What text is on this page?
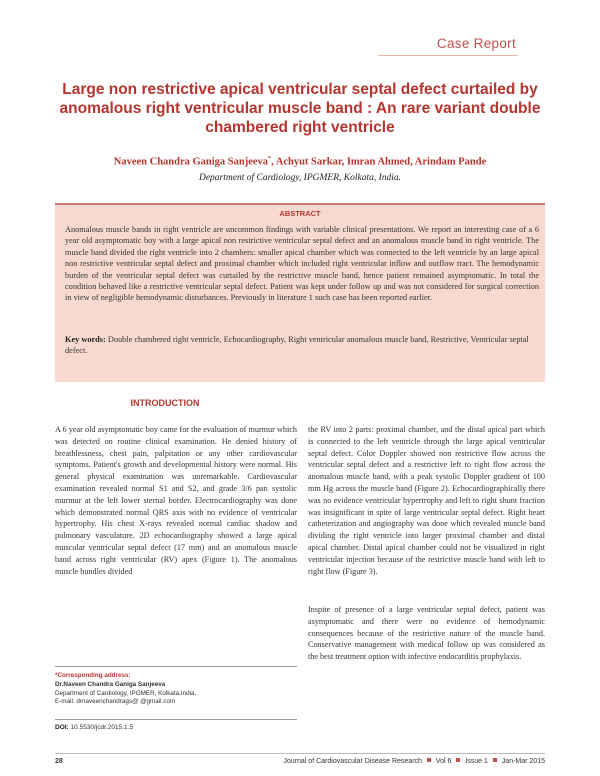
Case Report
Large non restrictive apical ventricular septal defect curtailed by anomalous right ventricular muscle band : An rare variant double chambered right ventricle
Naveen Chandra Ganiga Sanjeeva*, Achyut Sarkar, Imran Ahmed, Arindam Pande
Department of Cardiology, IPGMER, Kolkata, India.
ABSTRACT

Anomalous muscle bands in right ventricle are uncommon findings with variable clinical presentations. We report an interesting case of a 6 year old asymptomatic boy with a large apical non restrictive ventricular septal defect and an anomalous muscle band in right ventricle. The muscle band divided the right ventricle into 2 chambers: smaller apical chamber which was connected to the left ventricle by an large apical non restrictive ventricular septal defect and proximal chamber which included right ventricular inflow and outflow tract. The hemodynamic burden of the ventricular septal defect was curtailed by the restrictive muscle band, hence patient remained asymptomatic. In total the condition behaved like a restrictive ventricular septal defect. Patient was kept under follow up and was not considered for surgical correction in view of negligible hemodynamic disturbances. Previously in literature 1 such case has been reported earlier.

Key words: Double chambered right ventricle, Echocardiography, Right ventricular anomalous muscle band, Restrictive, Ventricular septal defect.

INTRODUCTION

A 6 year old asymptomatic boy came for the evaluation of murmur which was detected on routine clinical examination. He denied history of breathlessness, chest pain, palpitation or any other cardiovascular symptoms. Patient's growth and developmental history were normal. His general physical examination was unremarkable. Cardiovascular examination revealed normal S1 and S2, and grade 3/6 pan systolic murmur at the left lower sternal border. Electrocardiography was done which demonstrated normal QRS axis with no evidence of ventricular hypertrophy. His chest X-rays revealed normal cardiac shadow and pulmonary vasculature. 2D echocardiography showed a large apical muscular ventricular septal defect (17 mm) and an anomalous muscle band across right ventricular (RV) apex (Figure 1). The anomalous muscle bundles divided

the RV into 2 parts: proximal chamber, and the distal apical part which is connected to the left ventricle through the large apical ventricular septal defect. Color Doppler showed non restrictive flow across the ventricular septal defect and a restrictive left to right flow across the anomalous muscle band, with a peak systolic Doppler gradient of 100 mm Hg across the muscle band (Figure 2). Echocardiographically there was no evidence ventricular hypertrophy and left to right shunt fraction was insignificant in spite of large ventricular septal defect. Right heart catheterization and angiography was done which revealed muscle band dividing the right ventricle into larger proximal chamber and distal apical chamber. Distal apical chamber could not be visualized in right ventricular injection because of the restrictive muscle band with left to right flow (Figure 3).

Inspite of presence of a large ventricular septal defect, patient was asymptomatic and there were no evidence of hemodynamic consequences because of the restrictive nature of the muscle band. Conservative management with medical follow up was considered as the best treatment option with infective endocarditis prophylaxis.

*Corresponding address:
Dr.Naveen Chandra Ganiga Sanjeeva
Department of Cardiology, IPGMER, Kolkata,India.
E-mail: drnaveenchandrags@ @gmail.com
DOI: 10.5530/jcdr.2015.1.5
28	Journal of Cardiovascular Disease Research Vol 6 Issue 1 Jan-Mar 2015
